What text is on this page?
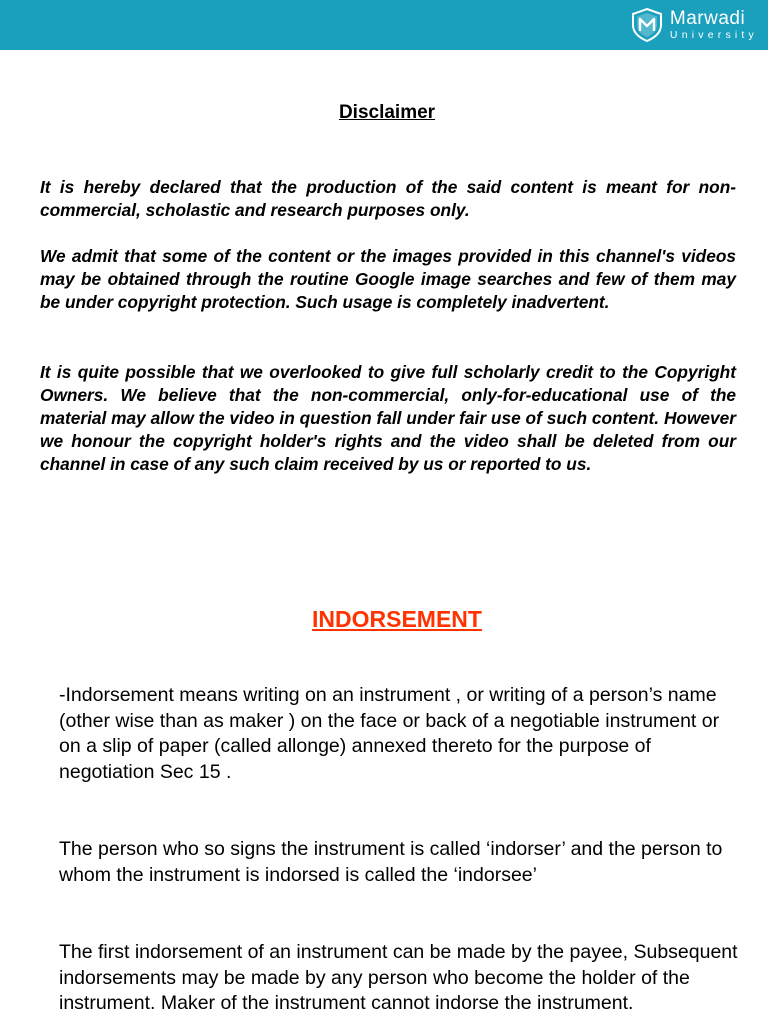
Marwadi
University
Disclaimer

It is hereby declared that the production of the said content is meant for non-commercial, scholastic and research purposes only.

We admit that some of the content or the images provided in this channel's videos may be obtained through the routine Google image searches and few of them may be under copyright protection. Such usage is completely inadvertent.

It is quite possible that we overlooked to give full scholarly credit to the Copyright Owners. We believe that the non-commercial, only-for-educational use of the material may allow the video in question fall under fair use of such content. However we honour the copyright holder's rights and the video shall be deleted from our channel in case of any such claim received by us or reported to us.

INDORSEMENT

-Indorsement means writing on an instrument , or writing of a person’s name (other wise than as maker ) on the face or back of a negotiable instrument or on a slip of paper (called allonge) annexed thereto for the purpose of negotiation Sec 15 .

The person who so signs the instrument is called ‘indorser’ and the person to whom the instrument is indorsed is called the ‘indorsee’

The first indorsement of an instrument can be made by the payee, Subsequent indorsements may be made by any person who become the holder of the instrument. Maker of the instrument cannot indorse the instrument.
